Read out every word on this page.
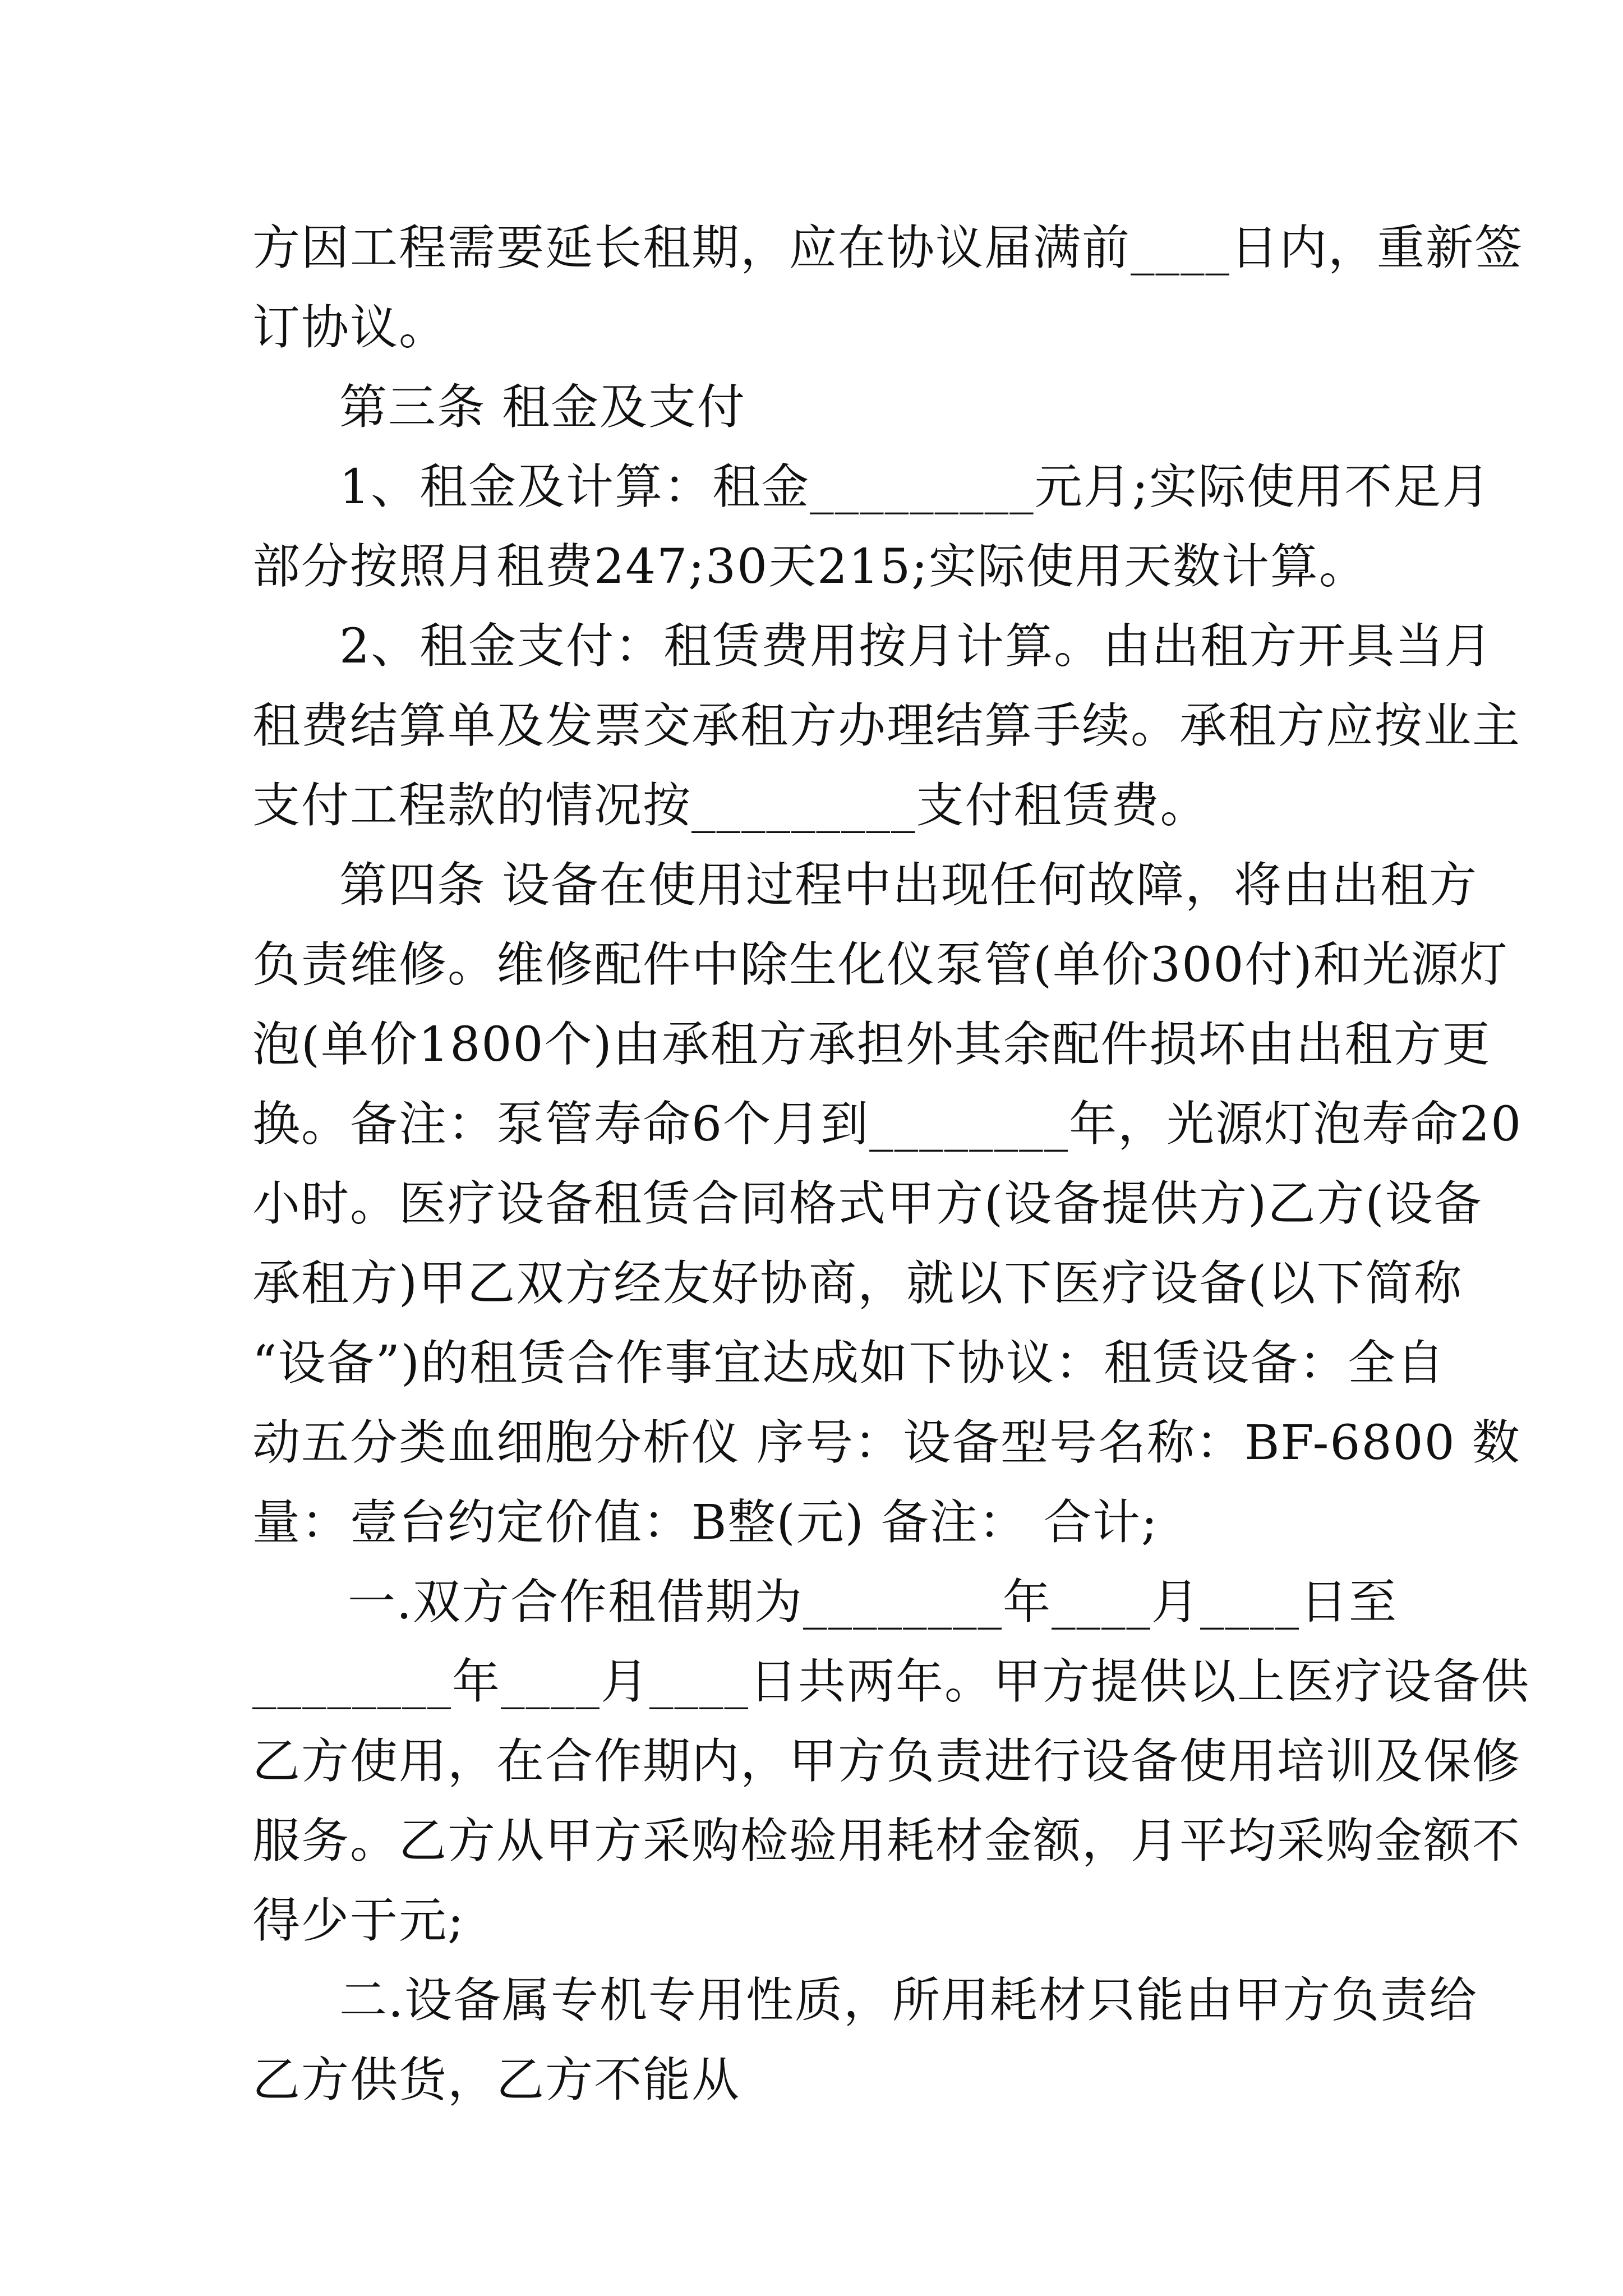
方因工程需要延长租期，应在协议届满前____日内，重新签
订协议。
第三条 租金及支付
1、租金及计算：租金_________元月;实际使用不足月
部分按照月租费247;30天215;实际使用天数计算。
2、租金支付：租赁费用按月计算。由出租方开具当月
租费结算单及发票交承租方办理结算手续。承租方应按业主
支付工程款的情况按_________支付租赁费。
第四条 设备在使用过程中出现任何故障，将由出租方
负责维修。维修配件中除生化仪泵管(单价300付)和光源灯
泡(单价1800个)由承租方承担外其余配件损坏由出租方更
换。备注：泵管寿命6个月到________年，光源灯泡寿命20
小时。医疗设备租赁合同格式甲方(设备提供方)乙方(设备
承租方)甲乙双方经友好协商，就以下医疗设备(以下简称
“设备”)的租赁合作事宜达成如下协议：租赁设备：全自
动五分类血细胞分析仪 序号：设备型号名称：BF-6800 数
量：壹台约定价值：B整(元) 备注： 合计;
一.双方合作租借期为________年____月____日至
________年____月____日共两年。甲方提供以上医疗设备供
乙方使用，在合作期内，甲方负责进行设备使用培训及保修
服务。乙方从甲方采购检验用耗材金额，月平均采购金额不
得少于元;
二.设备属专机专用性质，所用耗材只能由甲方负责给
乙方供货，乙方不能从
